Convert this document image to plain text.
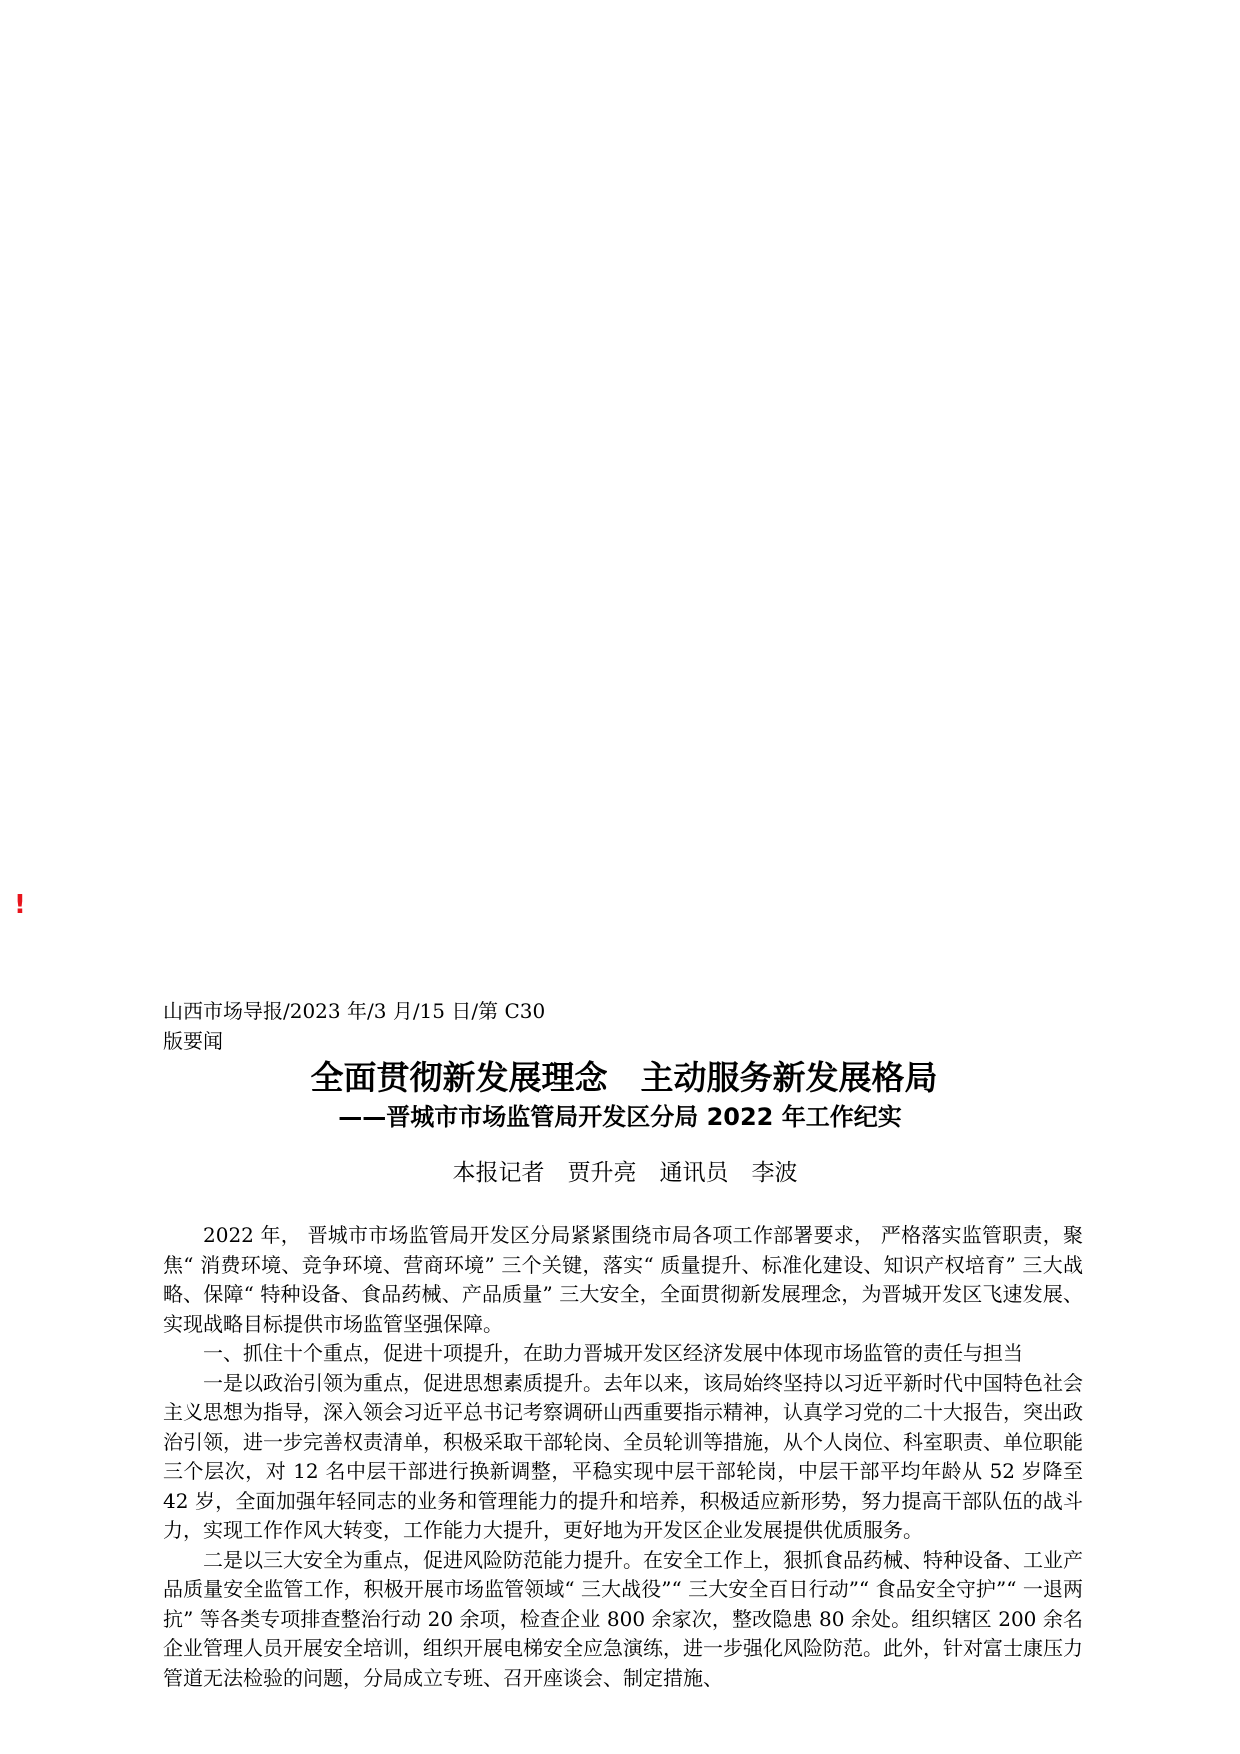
!
山西市场导报/2023 年/3 月/15 日/第 C30
版要闻
全面贯彻新发展理念　主动服务新发展格局
——晋城市市场监管局开发区分局 2022 年工作纪实
本报记者　贾升亮　通讯员　李波

2022 年， 晋城市市场监管局开发区分局紧紧围绕市局各项工作部署要求， 严格落实监管职责，聚焦“ 消费环境、竞争环境、营商环境” 三个关键，落实“ 质量提升、标准化建设、知识产权培育” 三大战略、保障“ 特种设备、食品药械、产品质量” 三大安全，全面贯彻新发展理念，为晋城开发区飞速发展、实现战略目标提供市场监管坚强保障。

一、抓住十个重点，促进十项提升，在助力晋城开发区经济发展中体现市场监管的责任与担当

一是以政治引领为重点，促进思想素质提升。去年以来，该局始终坚持以习近平新时代中国特色社会主义思想为指导，深入领会习近平总书记考察调研山西重要指示精神，认真学习党的二十大报告，突出政治引领，进一步完善权责清单，积极采取干部轮岗、全员轮训等措施，从个人岗位、科室职责、单位职能三个层次，对 12 名中层干部进行换新调整，平稳实现中层干部轮岗，中层干部平均年龄从 52 岁降至 42 岁，全面加强年轻同志的业务和管理能力的提升和培养，积极适应新形势，努力提高干部队伍的战斗力，实现工作作风大转变，工作能力大提升，更好地为开发区企业发展提供优质服务。

二是以三大安全为重点，促进风险防范能力提升。在安全工作上，狠抓食品药械、特种设备、工业产品质量安全监管工作，积极开展市场监管领域“ 三大战役”“ 三大安全百日行动”“ 食品安全守护”“ 一退两抗” 等各类专项排查整治行动 20 余项，检查企业 800 余家次，整改隐患 80 余处。组织辖区 200 余名企业管理人员开展安全培训，组织开展电梯安全应急演练，进一步强化风险防范。此外，针对富士康压力管道无法检验的问题，分局成立专班、召开座谈会、制定措施、
